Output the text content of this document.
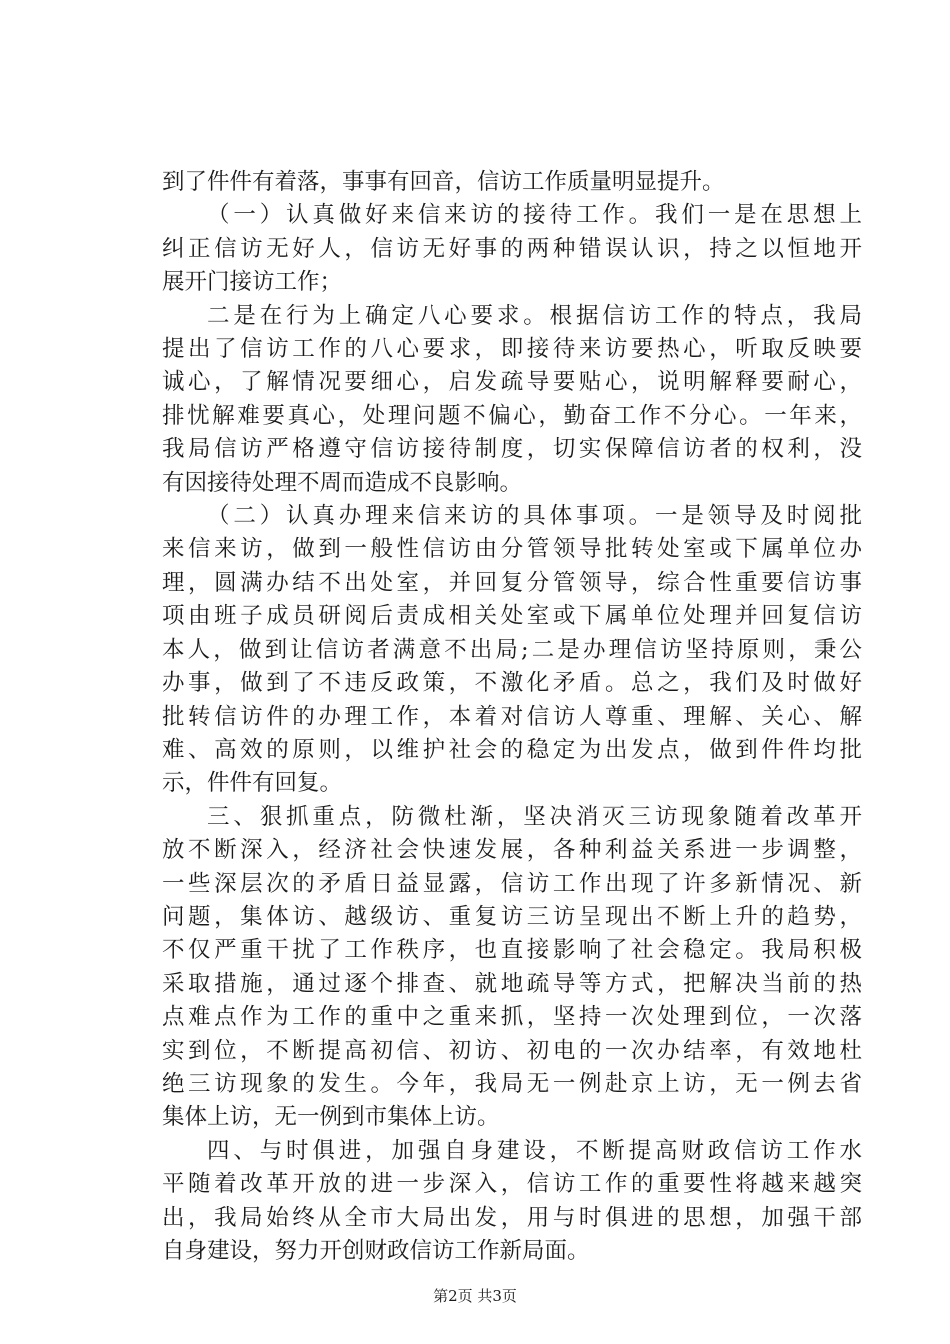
到了件件有着落，事事有回音，信访工作质量明显提升。
（一）认真做好来信来访的接待工作。我们一是在思想上
纠正信访无好人，信访无好事的两种错误认识，持之以恒地开
展开门接访工作；
二是在行为上确定八心要求。根据信访工作的特点，我局
提出了信访工作的八心要求，即接待来访要热心，听取反映要
诚心，了解情况要细心，启发疏导要贴心，说明解释要耐心，
排忧解难要真心，处理问题不偏心，勤奋工作不分心。一年来，
我局信访严格遵守信访接待制度，切实保障信访者的权利，没
有因接待处理不周而造成不良影响。
（二）认真办理来信来访的具体事项。一是领导及时阅批
来信来访，做到一般性信访由分管领导批转处室或下属单位办
理，圆满办结不出处室，并回复分管领导，综合性重要信访事
项由班子成员研阅后责成相关处室或下属单位处理并回复信访
本人，做到让信访者满意不出局;二是办理信访坚持原则，秉公
办事，做到了不违反政策，不激化矛盾。总之，我们及时做好
批转信访件的办理工作，本着对信访人尊重、理解、关心、解
难、高效的原则，以维护社会的稳定为出发点，做到件件均批
示，件件有回复。
三、狠抓重点，防微杜渐，坚决消灭三访现象随着改革开
放不断深入，经济社会快速发展，各种利益关系进一步调整，
一些深层次的矛盾日益显露，信访工作出现了许多新情况、新
问题，集体访、越级访、重复访三访呈现出不断上升的趋势，
不仅严重干扰了工作秩序，也直接影响了社会稳定。我局积极
采取措施，通过逐个排查、就地疏导等方式，把解决当前的热
点难点作为工作的重中之重来抓，坚持一次处理到位，一次落
实到位，不断提高初信、初访、初电的一次办结率，有效地杜
绝三访现象的发生。今年，我局无一例赴京上访，无一例去省
集体上访，无一例到市集体上访。
四、与时俱进，加强自身建设，不断提高财政信访工作水
平随着改革开放的进一步深入，信访工作的重要性将越来越突
出，我局始终从全市大局出发，用与时俱进的思想，加强干部
自身建设，努力开创财政信访工作新局面。
第2页 共3页
